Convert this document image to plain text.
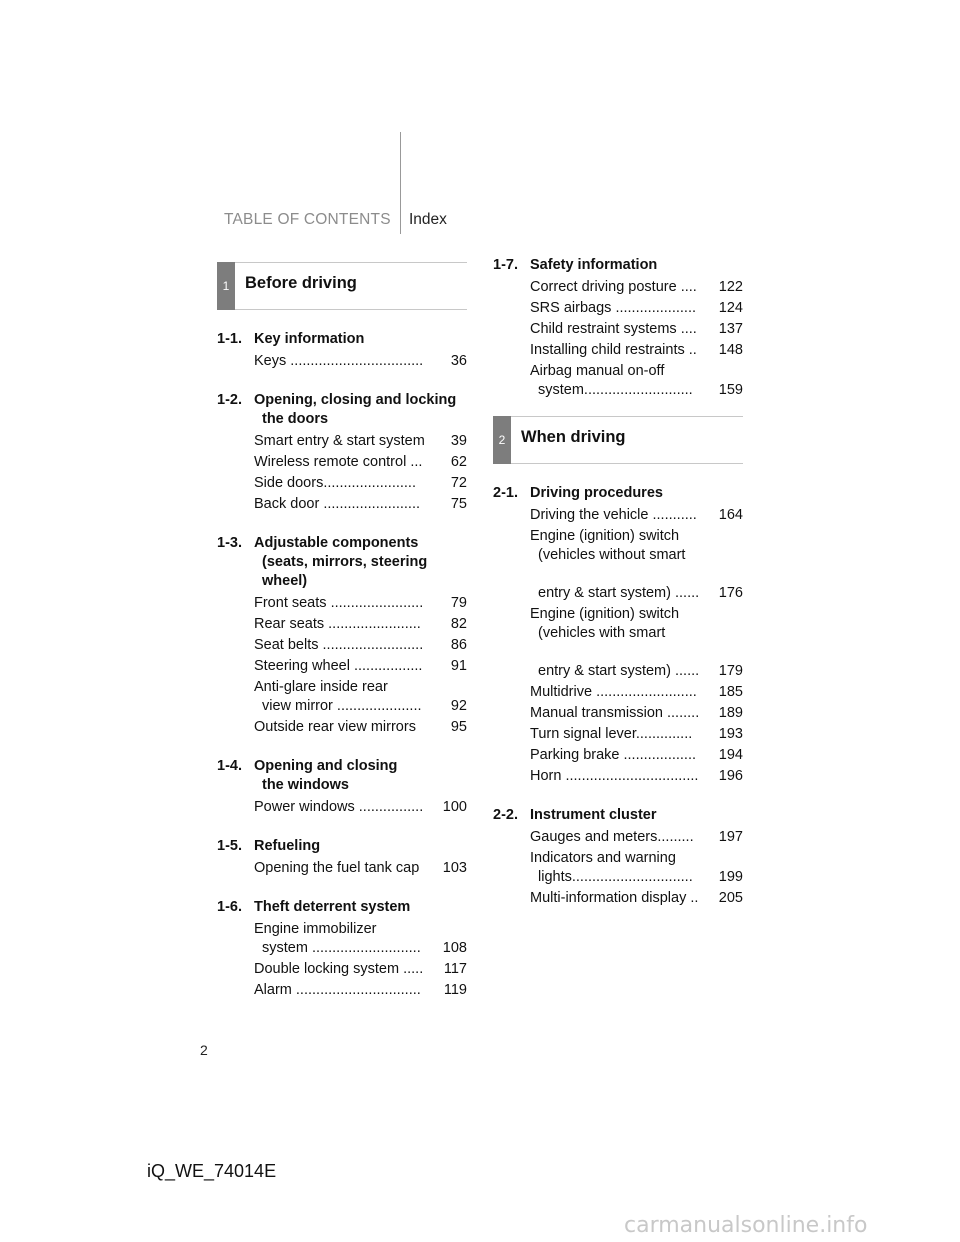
TABLE OF CONTENTS Index
1 Before driving
1-1. Key information
Keys .................................	36
1-2. Opening, closing and locking
the doors
Smart entry & start system	39
Wireless remote control ...	62
Side doors.......................	72
Back door ........................	75
1-3. Adjustable components
(seats, mirrors, steering
wheel)
Front seats .......................	79
Rear seats .......................	82
Seat belts .........................	86
Steering wheel .................	91
Anti-glare inside rear
view mirror .....................	92
Outside rear view mirrors	95
1-4. Opening and closing
the windows
Power windows ................	100
1-5. Refueling
Opening the fuel tank cap	103
1-6. Theft deterrent system
Engine immobilizer
system ...........................	108
Double locking system .....	117
Alarm ...............................	119
1-7. Safety information
Correct driving posture ....	122
SRS airbags ....................	124
Child restraint systems ....	137
Installing child restraints ..	148
Airbag manual on-off
system...........................	159
2 When driving
2-1. Driving procedures
Driving the vehicle ...........	164
Engine (ignition) switch
(vehicles without smart

entry & start system) ......	176
Engine (ignition) switch
(vehicles with smart

entry & start system) ......	179
Multidrive .........................	185
Manual transmission ........	189
Turn signal lever..............	193
Parking brake ..................	194
Horn .................................	196
2-2. Instrument cluster
Gauges and meters.........	197
Indicators and warning
lights..............................	199
Multi-information display ..	205
2
iQ_WE_74014E
carmanualsonline.info
